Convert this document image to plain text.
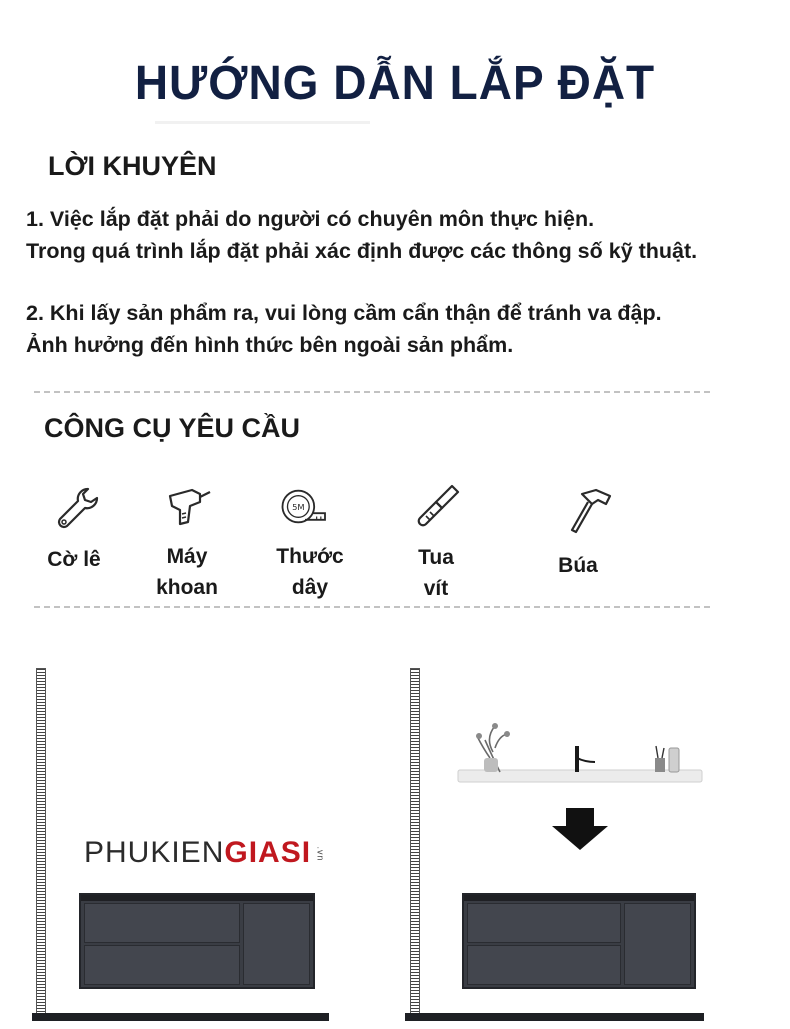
HƯỚNG DẪN LẮP ĐẶT
LỜI KHUYÊN
1. Việc lắp đặt phải do người có chuyên môn thực hiện.
Trong quá trình lắp đặt phải xác định được các thông số kỹ thuật.
2. Khi lấy sản phẩm ra, vui lòng cầm cẩn thận để tránh va đập.
Ảnh hưởng đến hình thức bên ngoài sản phẩm.
CÔNG CỤ YÊU CẦU
5M
Cờ lê	Máy
khoan
Thước
dây
Tua
vít
Búa
PHUKIENGIASI .vn
